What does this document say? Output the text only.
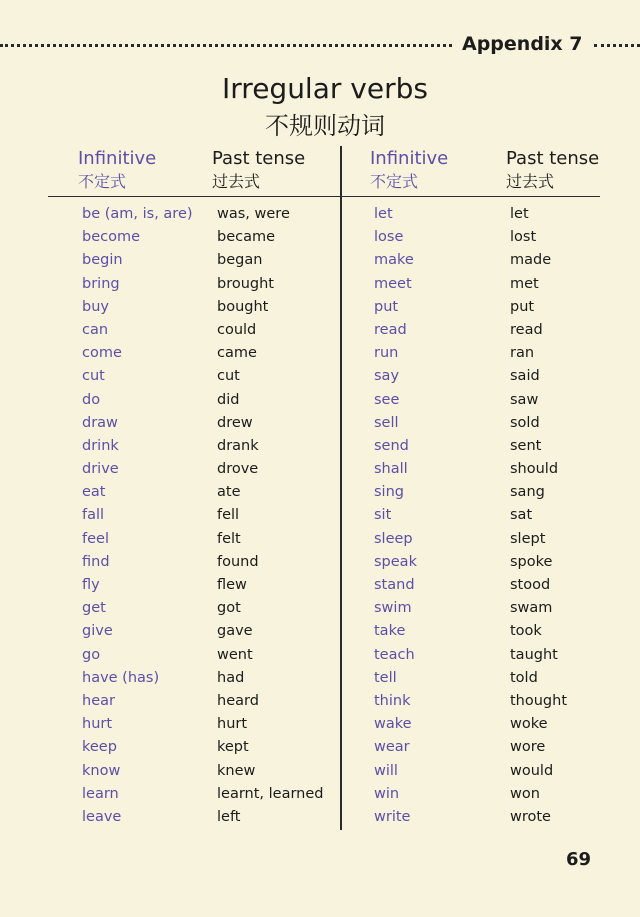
Appendix 7
Irregular verbs
不规则动词
Infinitive
不定式
Past tense
过去式
Infinitive
不定式
Past tense
过去式
be (am, is, are)
become
begin
bring
buy
can
come
cut
do
draw
drink
drive
eat
fall
feel
find
fly
get
give
go
have (has)
hear
hurt
keep
know
learn
leave
was, were
became
began
brought
bought
could
came
cut
did
drew
drank
drove
ate
fell
felt
found
flew
got
gave
went
had
heard
hurt
kept
knew
learnt, learned
left
let
lose
make
meet
put
read
run
say
see
sell
send
shall
sing
sit
sleep
speak
stand
swim
take
teach
tell
think
wake
wear
will
win
write
let
lost
made
met
put
read
ran
said
saw
sold
sent
should
sang
sat
slept
spoke
stood
swam
took
taught
told
thought
woke
wore
would
won
wrote
69
